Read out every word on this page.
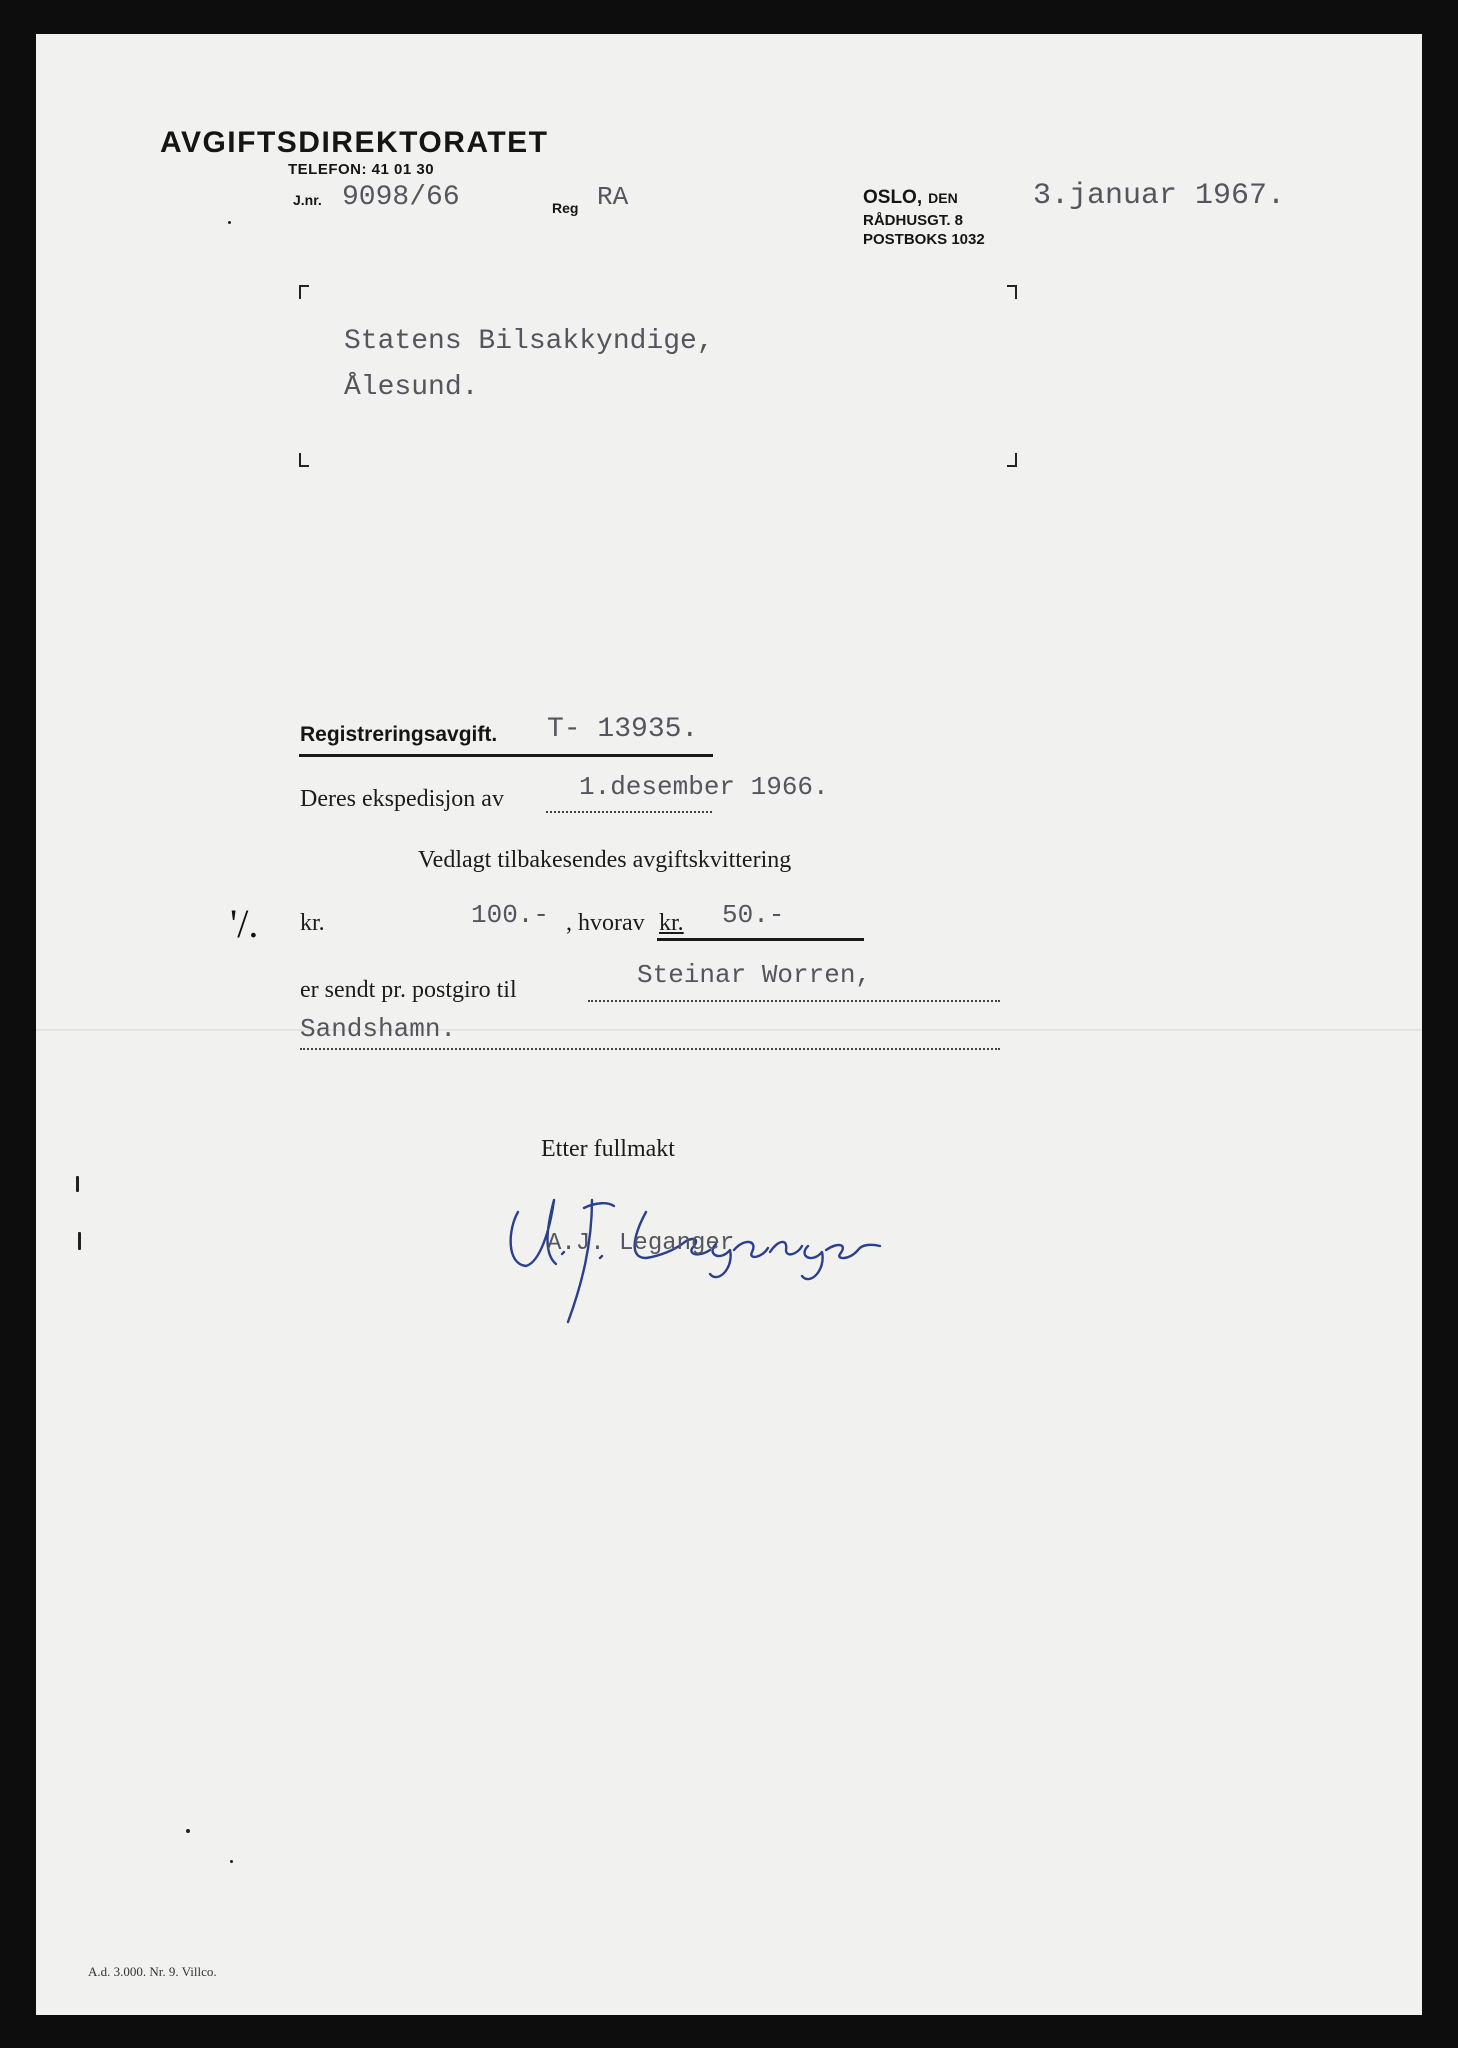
AVGIFTSDIREKTORATET
TELEFON: 41 01 30
J.nr. 9098/66	Reg RA	OSLO, DEN	3.januar 1967.
RÅDHUSGT. 8
POSTBOKS 1032
Statens Bilsakkyndige,
Ålesund.
Registreringsavgift. T- 13935.
Deres ekspedisjon av	1.desember 1966.
Vedlagt tilbakesendes avgiftskvittering
'/. kr.	100.- , hvorav kr. 50.-
er sendt pr. postgiro til	Steinar Worren,
Sandshamn.
Etter fullmakt
A.J. Leganger
A.d. 3.000. Nr. 9. Villco.
